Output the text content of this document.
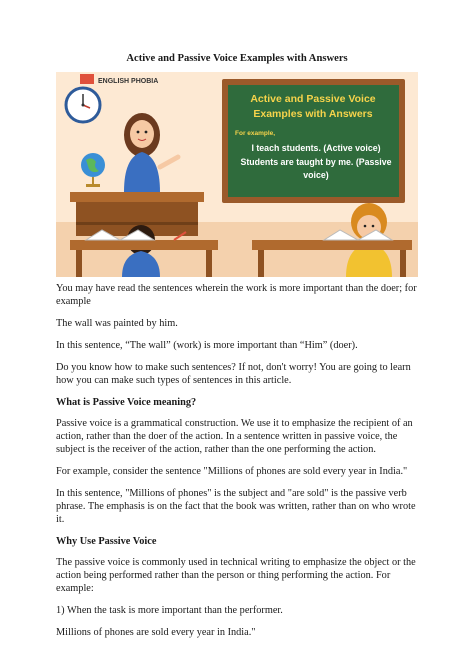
Active and Passive Voice Examples with Answers
ENGLISH PHOBIA
Active and Passive Voice
Examples with Answers
For example,
I teach students. (Active voice)
Students are taught by me. (Passive
voice)

You may have read the sentences wherein the work is more important than the doer; for example

The wall was painted by him.

In this sentence, “The wall” (work) is more important than “Him” (doer).

Do you know how to make such sentences? If not, don't worry! You are going to learn how you can make such types of sentences in this article.

What is Passive Voice meaning?

Passive voice is a grammatical construction. We use it to emphasize the recipient of an action, rather than the doer of the action. In a sentence written in passive voice, the subject is the receiver of the action, rather than the one performing the action.

For example, consider the sentence "Millions of phones are sold every year in India."

In this sentence, "Millions of phones" is the subject and "are sold" is the passive verb phrase. The emphasis is on the fact that the book was written, rather than on who wrote it.

Why Use Passive Voice

The passive voice is commonly used in technical writing to emphasize the object or the action being performed rather than the person or thing performing the action. For example:

1) When the task is more important than the performer.

Millions of phones are sold every year in India."
